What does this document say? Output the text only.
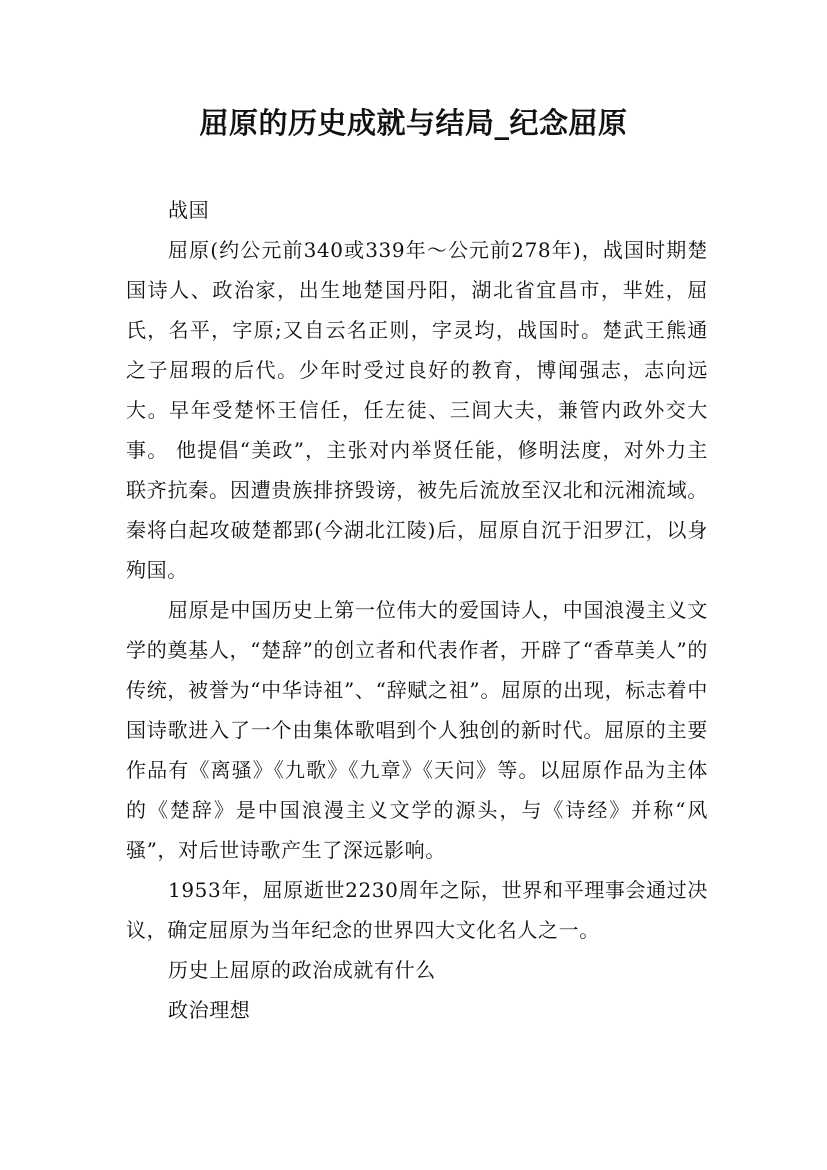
屈原的历史成就与结局_纪念屈原

战国

屈原(约公元前340或339年～公元前278年)，战国时期楚国诗人、政治家，出生地楚国丹阳，湖北省宜昌市，芈姓，屈氏，名平，字原;又自云名正则，字灵均，战国时。楚武王熊通之子屈瑕的后代。少年时受过良好的教育，博闻强志，志向远大。早年受楚怀王信任，任左徒、三闾大夫，兼管内政外交大事。 他提倡“美政”，主张对内举贤任能，修明法度，对外力主联齐抗秦。因遭贵族排挤毁谤，被先后流放至汉北和沅湘流域。秦将白起攻破楚都郢(今湖北江陵)后，屈原自沉于汨罗江，以身殉国。

屈原是中国历史上第一位伟大的爱国诗人，中国浪漫主义文学的奠基人，“楚辞”的创立者和代表作者，开辟了“香草美人”的传统，被誉为“中华诗祖”、“辞赋之祖”。屈原的出现，标志着中国诗歌进入了一个由集体歌唱到个人独创的新时代。屈原的主要作品有《离骚》《九歌》《九章》《天问》等。以屈原作品为主体的《楚辞》是中国浪漫主义文学的源头，与《诗经》并称“风骚”，对后世诗歌产生了深远影响。

1953年，屈原逝世2230周年之际，世界和平理事会通过决议，确定屈原为当年纪念的世界四大文化名人之一。

历史上屈原的政治成就有什么

政治理想
